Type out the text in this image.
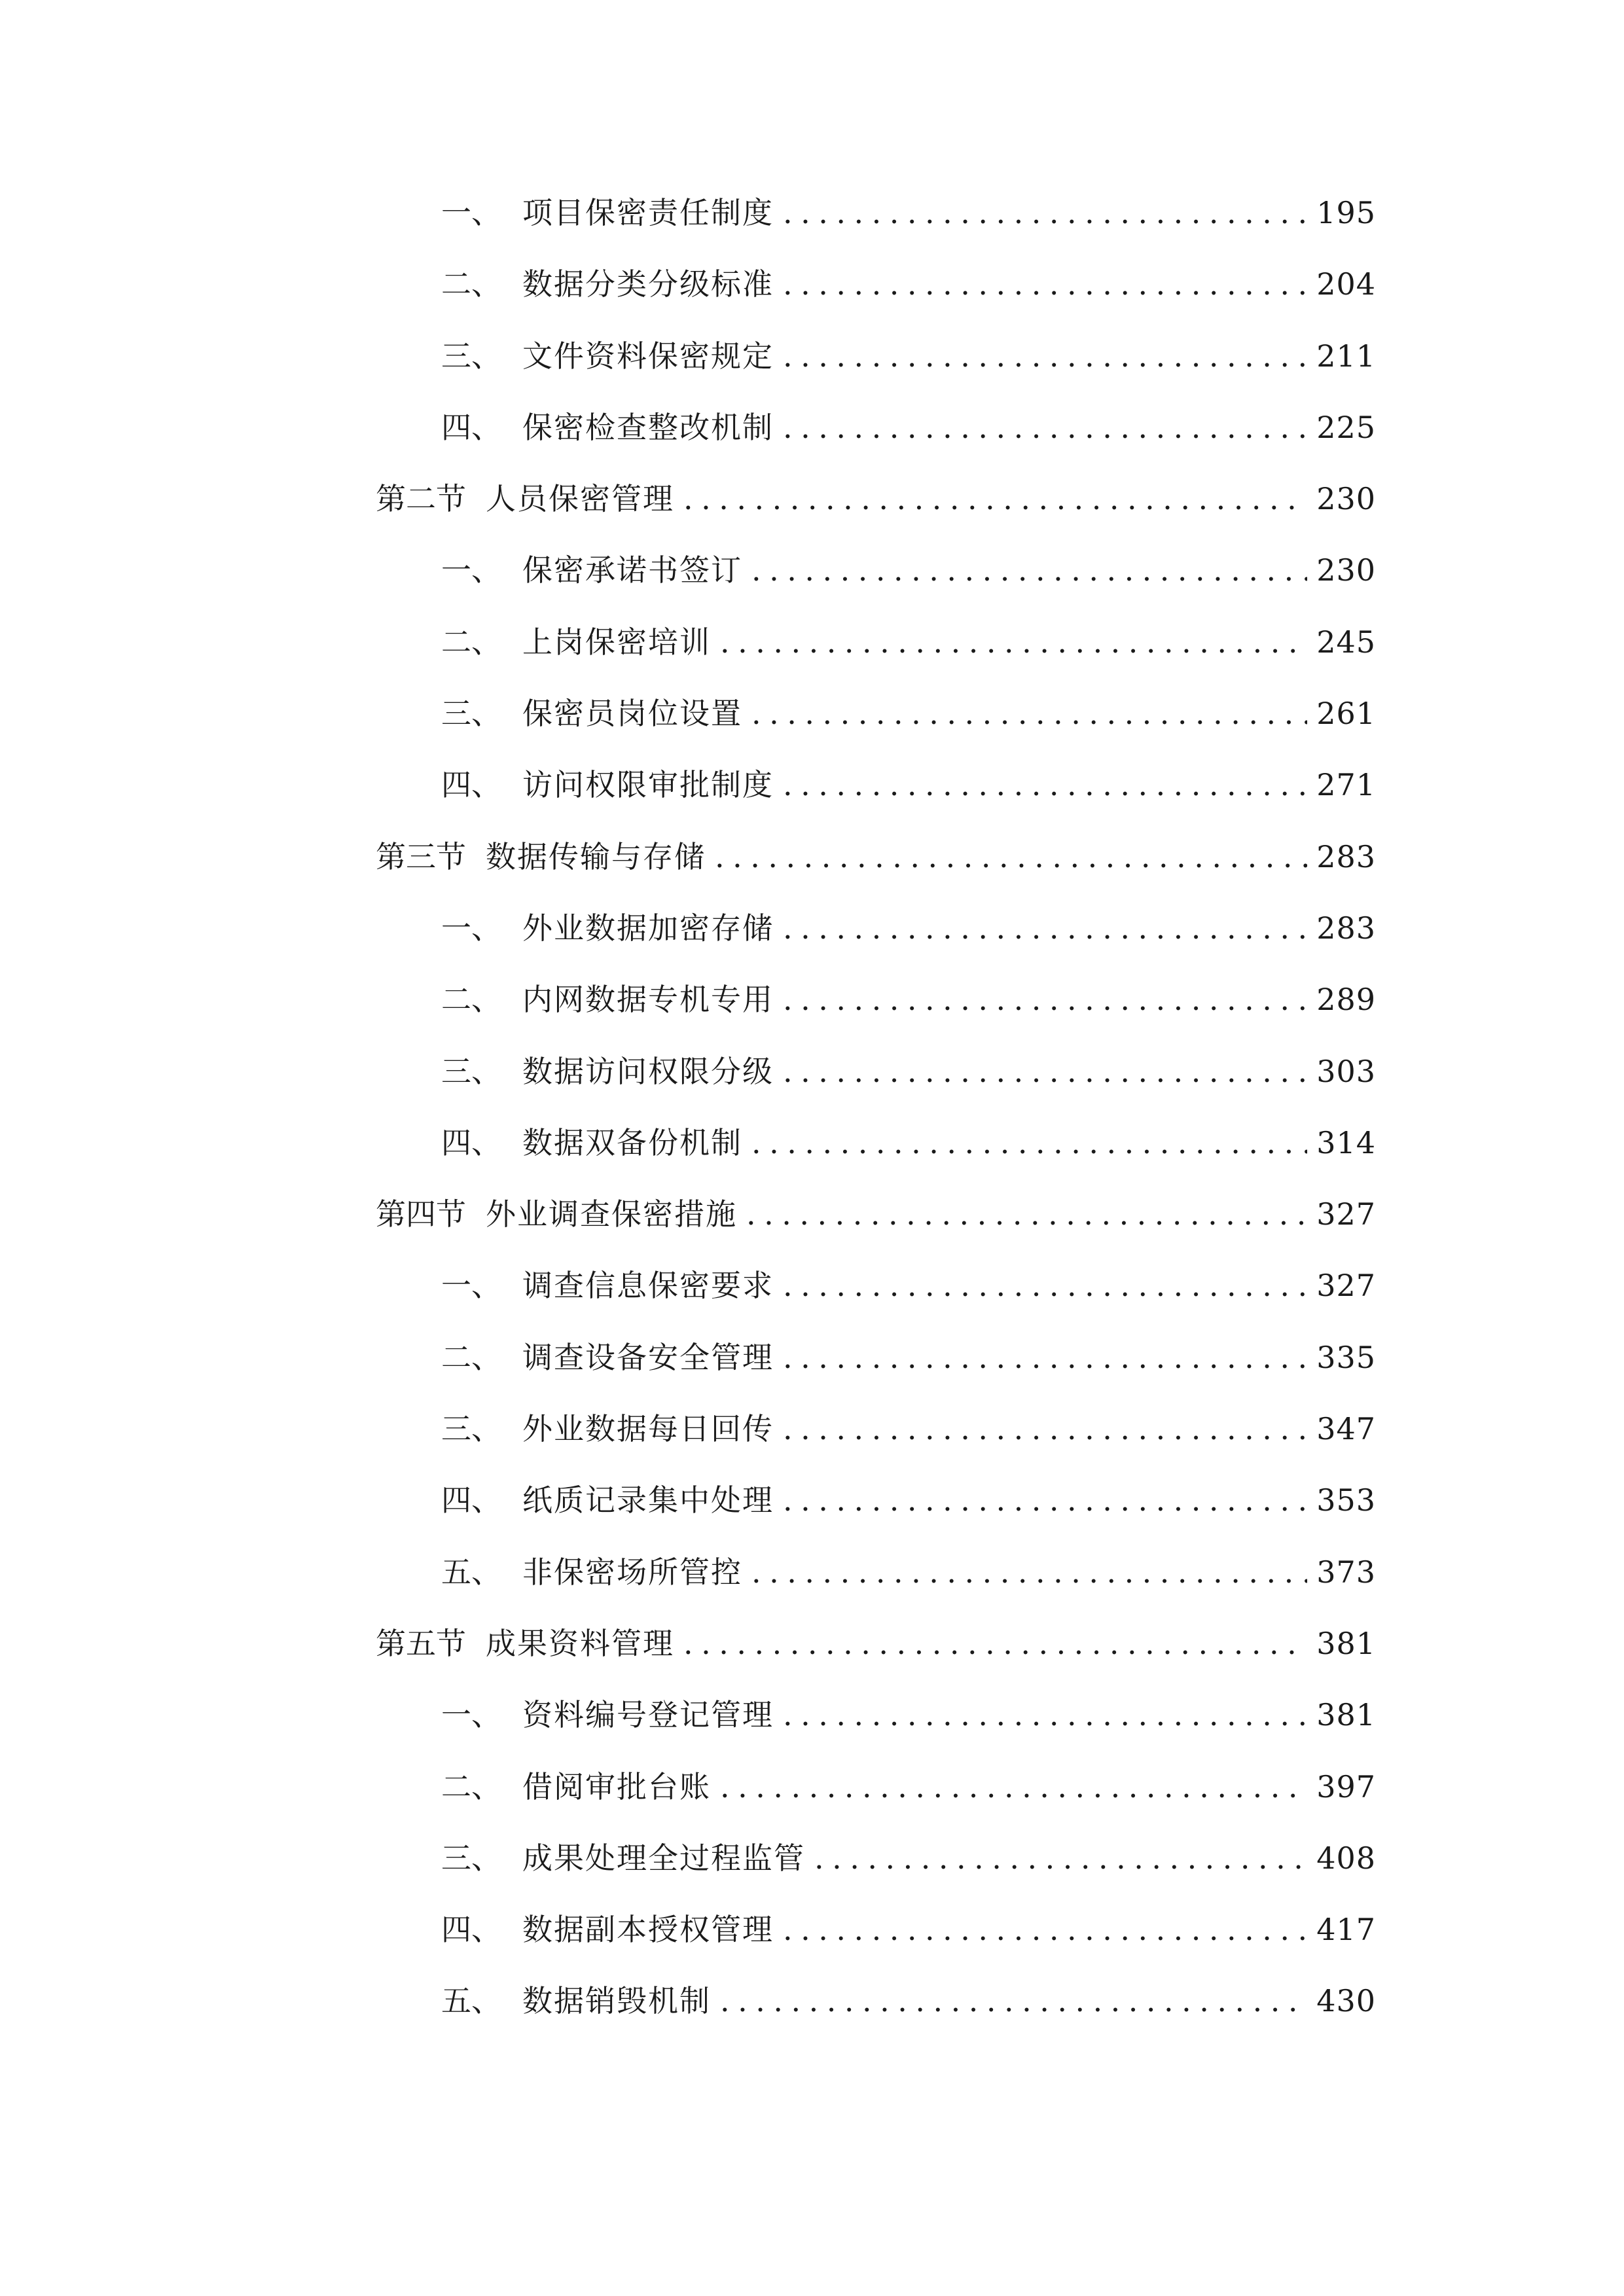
一、 项目保密责任制度 .....	195
二、 数据分类分级标准 .....	204
三、 文件资料保密规定 .....	211
四、 保密检查整改机制 .....	225
第二节 人员保密管理 .....	230
一、 保密承诺书签订 .....	230
二、 上岗保密培训 .....	245
三、 保密员岗位设置 .....	261
四、 访问权限审批制度 .....	271
第三节 数据传输与存储 .....	283
一、 外业数据加密存储 .....	283
二、 内网数据专机专用 .....	289
三、 数据访问权限分级 .....	303
四、 数据双备份机制 .....	314
第四节 外业调查保密措施 .....	327
一、 调查信息保密要求 .....	327
二、 调查设备安全管理 .....	335
三、 外业数据每日回传 .....	347
四、 纸质记录集中处理 .....	353
五、 非保密场所管控 .....	373
第五节 成果资料管理 .....	381
一、 资料编号登记管理 .....	381
二、 借阅审批台账 .....	397
三、 成果处理全过程监管 .....	408
四、 数据副本授权管理 .....	417
五、 数据销毁机制 .....	430
